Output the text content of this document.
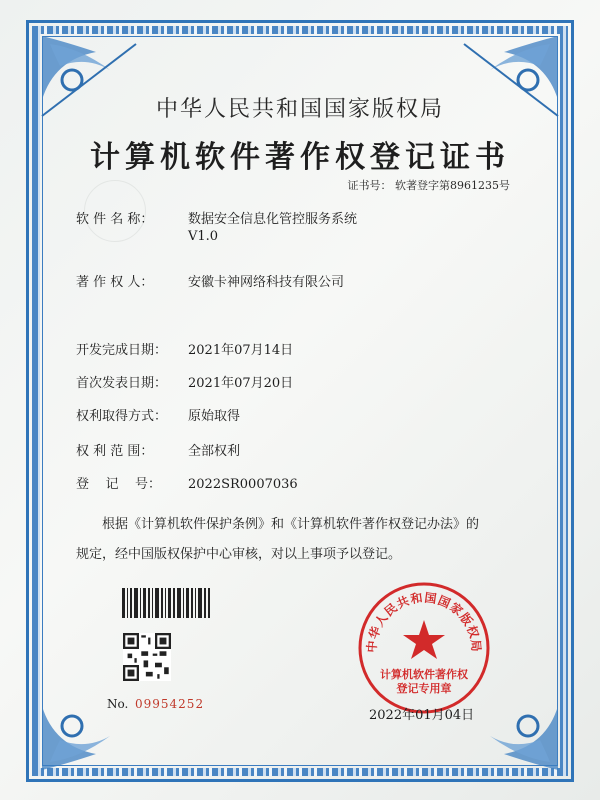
中华人民共和国国家版权局
计算机软件著作权登记证书
证书号： 软著登字第8961235号
软 件 名 称：	数据安全信息化管控服务系统
V1.0
著 作 权 人：	安徽卡神网络科技有限公司
开发完成日期： 2021年07月14日
首次发表日期： 2021年07月20日
权利取得方式： 原始取得
权 利 范 围：	全部权利
登    记    号： 2022SR0007036
根据《计算机软件保护条例》和《计算机软件著作权登记办法》的
规定，经中国版权保护中心审核，对以上事项予以登记。
No. 09954252
中华人民共和国国家版权局
计算机软件著作权
登记专用章
2022年01月04日
